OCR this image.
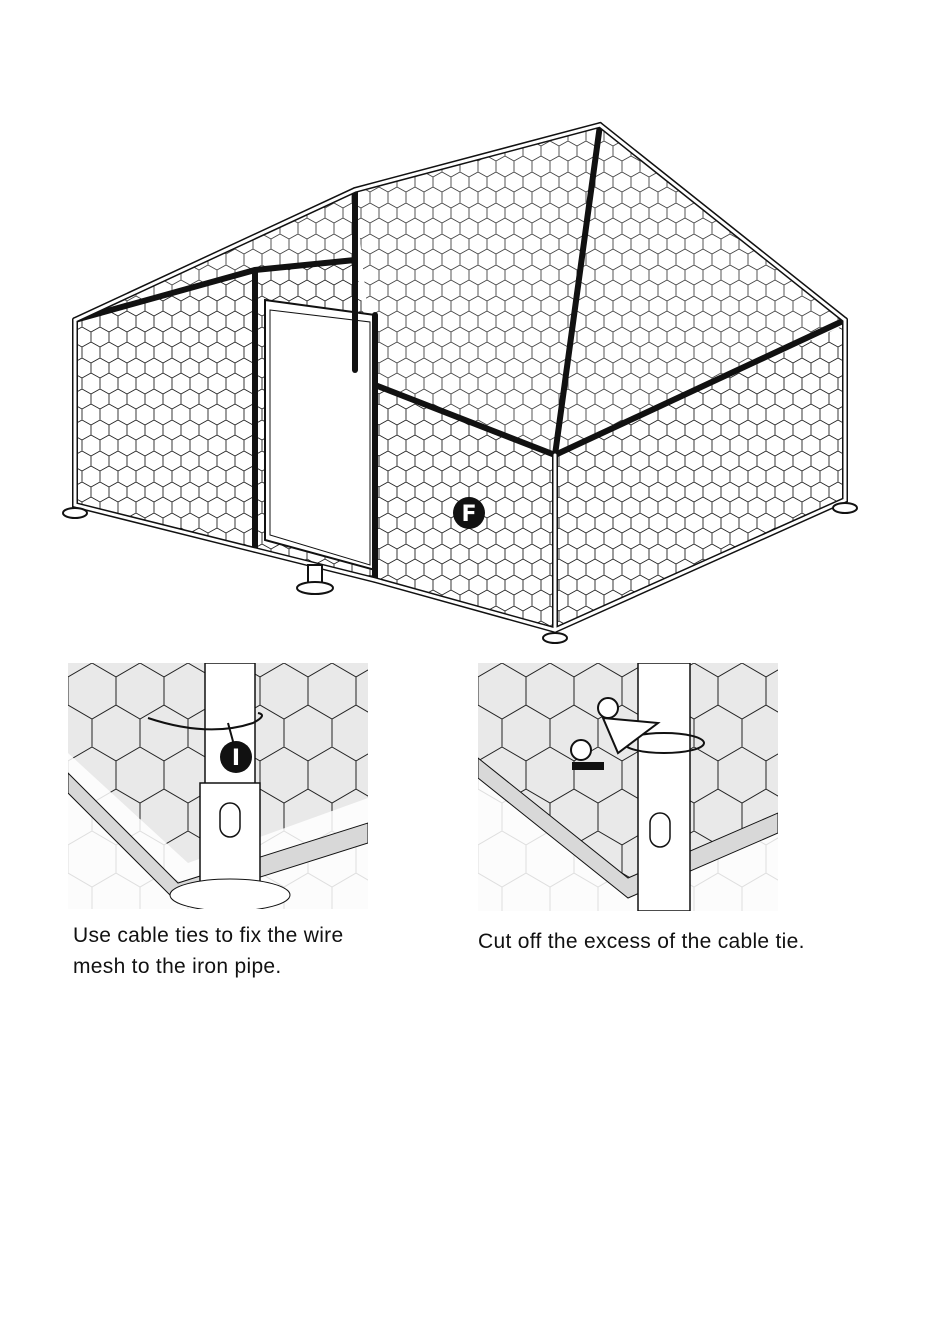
F
I
Use cable ties to fix the wire mesh to the iron pipe.
Cut off the excess of the cable tie.
